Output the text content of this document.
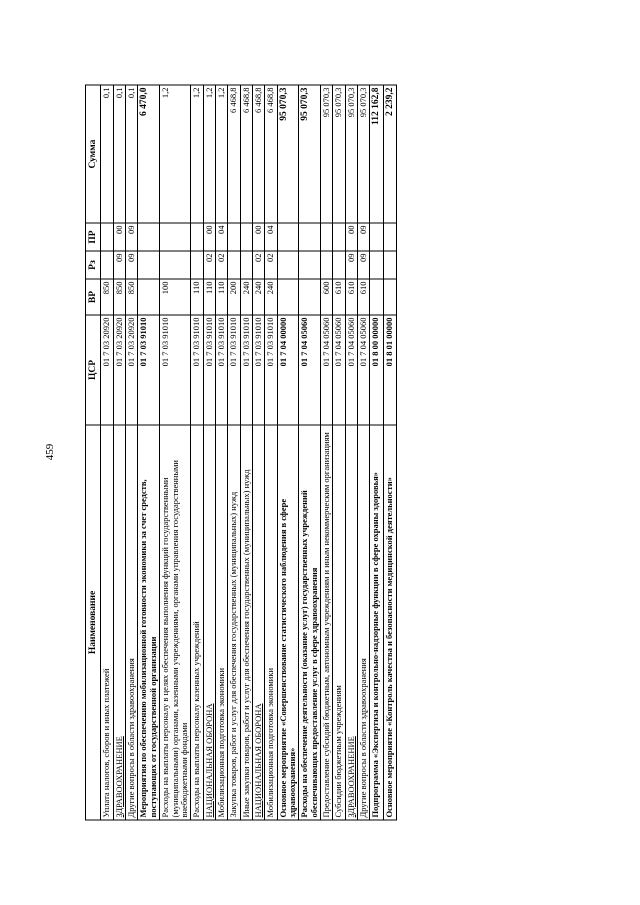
459
Наименование	ЦСР	ВР	Рз	ПР	Сумма
Уплата налогов, сборов и иных платежей	01 7 03 20920	850			0,1
ЗДРАВООХРАНЕНИЕ	01 7 03 20920	850	09	00	0,1
Другие вопросы в области здравоохранения	01 7 03 20920	850	09	09	0,1
Мероприятия по обеспечению мобилизационной готовности экономики за счет средств, поступающих от государственной организации	01 7 03 91010				6 470,0
Расходы на выплаты персоналу в целях обеспечения выполнения функций государственными (муниципальными) органами, казенными учреждениями, органами управления государственными внебюджетными фондами	01 7 03 91010	100			1,2
Расходы на выплаты персоналу казенных учреждений	01 7 03 91010	110			1,2
НАЦИОНАЛЬНАЯ ОБОРОНА	01 7 03 91010	110	02	00	1,2
Мобилизационная подготовка экономики	01 7 03 91010	110	02	04	1,2
Закупка товаров, работ и услуг для обеспечения государственных (муниципальных) нужд	01 7 03 91010	200			6 468,8
Иные закупки товаров, работ и услуг для обеспечения государственных (муниципальных) нужд	01 7 03 91010	240			6 468,8
НАЦИОНАЛЬНАЯ ОБОРОНА	01 7 03 91010	240	02	00	6 468,8
Мобилизационная подготовка экономики	01 7 03 91010	240	02	04	6 468,8
Основное мероприятие «Совершенствование статистического наблюдения в сфере здравоохранения»	01 7 04 00000				95 070,3
Расходы на обеспечение деятельности (оказание услуг) государственных учреждений обеспечивающих предоставление услуг в сфере здравоохранения	01 7 04 05060				95 070,3
Предоставление субсидий бюджетным, автономным учреждениям и иным некоммерческим организациям	01 7 04 05060	600			95 070,3
Субсидии бюджетным учреждениям	01 7 04 05060	610			95 070,3
ЗДРАВООХРАНЕНИЕ	01 7 04 05060	610	09	00	95 070,3
Другие вопросы в области здравоохранения	01 7 04 05060	610	09	09	95 070,3
Подпрограмма «Экспертиза и контрольно-надзорные функции в сфере охраны здоровья»	01 8 00 00000				112 162,8
Основное мероприятие «Контроль качества и безопасности медицинской деятельности»	01 8 01 00000				2 239,2
